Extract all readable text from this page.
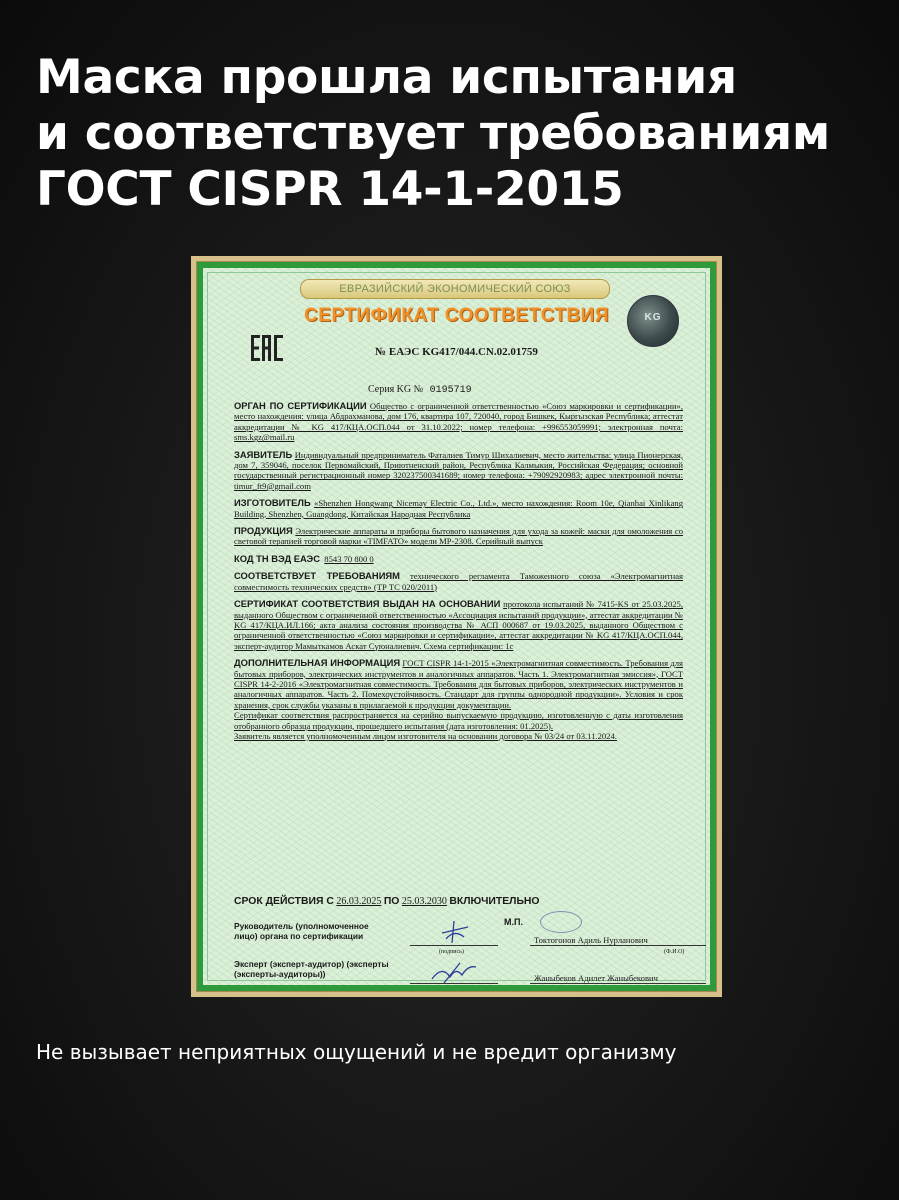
Маска прошла испытания
и соответствует требованиям
ГОСТ CISPR 14-1-2015
ЕВРАЗИЙСКИЙ ЭКОНОМИЧЕСКИЙ СОЮЗ
СЕРТИФИКАТ СООТВЕТСТВИЯ	KG
№ ЕАЭС KG417/044.CN.02.01759
Серия KG № 0195719

ОРГАН ПО СЕРТИФИКАЦИИ Общество с ограниченной ответственностью «Союз маркировки и сертификации», место нахождения: улица Абдрахманова, дом 176, квартира 107, 720040, город Бишкек, Кыргызская Республика; аттестат аккредитации № KG 417/КЦА.ОСП.044 от 31.10.2022; номер телефона: +996553059991; электронная почта: sms.kgz@mail.ru

ЗАЯВИТЕЛЬ Индивидуальный предприниматель Фаталиев Тимур Шихалиевич, место жительства: улица Пионерская, дом 7, 359046, поселок Первомайский, Приютненский район, Республика Калмыкия, Российская Федерация; основной государственный регистрационный номер 320237500341689; номер телефона: +79092920983; адрес электронной почты: timur_ft9@gmail.com

ИЗГОТОВИТЕЛЬ «Shenzhen Hongwang Nicemay Electric Co., Ltd.», место нахождения: Room 10e, Qianhai Xinlikang Building, Shenzhen, Guangdong, Китайская Народная Республика

ПРОДУКЦИЯ Электрические аппараты и приборы бытового назначения для ухода за кожей: маски для омоложения со световой терапией торговой марки «TIMFATO» модели MP-2308. Серийный выпуск

КОД ТН ВЭД ЕАЭС 8543 70 800 0

СООТВЕТСТВУЕТ ТРЕБОВАНИЯМ технического регламента Таможенного союза «Электромагнитная совместимость технических средств» (ТР ТС 020/2011)

СЕРТИФИКАТ СООТВЕТСТВИЯ ВЫДАН НА ОСНОВАНИИ протокола испытаний № 7415-KS от 25.03.2025, выданного Обществом с ограниченной ответственностью «Ассоциация испытаний продукции», аттестат аккредитации № KG 417/КЦА.ИЛ.166; акта анализа состояния производства № АСП 000687 от 19.03.2025, выданного Обществом с ограниченной ответственностью «Союз маркировки и сертификации», аттестат аккредитации № KG 417/КЦА.ОСП.044, эксперт-аудитор Мамыткамов Аскат Сүюналиевич. Схема сертификации: 1с

ДОПОЛНИТЕЛЬНАЯ ИНФОРМАЦИЯ ГОСТ CISPR 14-1-2015 «Электромагнитная совместимость. Требования для бытовых приборов, электрических инструментов и аналогичных аппаратов. Часть 1. Электромагнитная эмиссия», ГОСТ CISPR 14-2-2016 «Электромагнитная совместимость. Требования для бытовых приборов, электрических инструментов и аналогичных аппаратов. Часть 2. Помехоустойчивость. Стандарт для группы однородной продукции». Условия и срок хранения, срок службы указаны в прилагаемой к продукции документации.

Сертификат соответствия распространяется на серийно выпускаемую продукцию, изготовленную с даты изготовления отобранного образца продукции, прошедшего испытания (дата изготовления: 01.2025).

Заявитель является уполномоченным лицом изготовителя на основании договора № 03/24 от 03.11.2024.

СРОК ДЕЙСТВИЯ С 26.03.2025 ПО 25.03.2030 ВКЛЮЧИТЕЛЬНО
Руководитель (уполномоченное лицо) органа по сертификации
М.П.
(подпись)
Токтогонов Адиль Нурланович
(Ф.И.О)
Эксперт (эксперт-аудитор) (эксперты (эксперты-аудиторы))
(подпись)
Жаныбеков Адилет Жаныбекович
(Ф.И.О)
Не вызывает неприятных ощущений и не вредит организму
